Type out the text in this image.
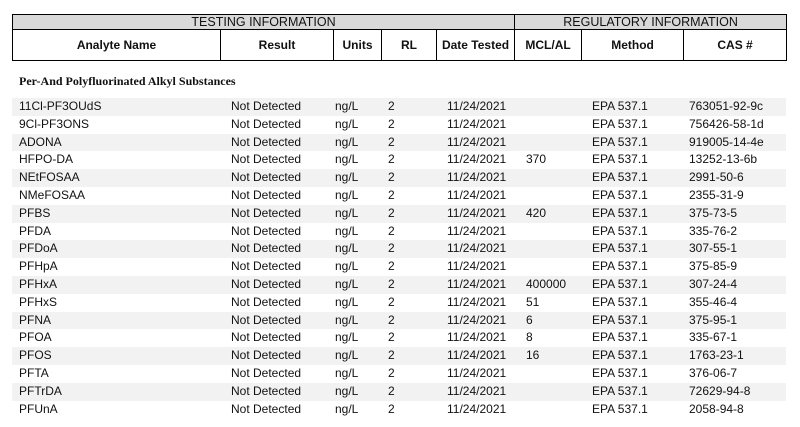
TESTING INFORMATION					REGULATORY INFORMATION		
Analyte Name	Result	Units	RL	Date Tested	MCL/AL	Method	CAS #
Per-And Polyfluorinated Alkyl Substances
11Cl-PF3OUdS	Not Detected	ng/L	2	11/24/2021		EPA 537.1	763051-92-9c
9Cl-PF3ONS	Not Detected	ng/L	2	11/24/2021		EPA 537.1	756426-58-1d
ADONA	Not Detected	ng/L	2	11/24/2021		EPA 537.1	919005-14-4e
HFPO-DA	Not Detected	ng/L	2	11/24/2021	370	EPA 537.1	13252-13-6b
NEtFOSAA	Not Detected	ng/L	2	11/24/2021		EPA 537.1	2991-50-6
NMeFOSAA	Not Detected	ng/L	2	11/24/2021		EPA 537.1	2355-31-9
PFBS	Not Detected	ng/L	2	11/24/2021	420	EPA 537.1	375-73-5
PFDA	Not Detected	ng/L	2	11/24/2021		EPA 537.1	335-76-2
PFDoA	Not Detected	ng/L	2	11/24/2021		EPA 537.1	307-55-1
PFHpA	Not Detected	ng/L	2	11/24/2021		EPA 537.1	375-85-9
PFHxA	Not Detected	ng/L	2	11/24/2021	400000	EPA 537.1	307-24-4
PFHxS	Not Detected	ng/L	2	11/24/2021	51	EPA 537.1	355-46-4
PFNA	Not Detected	ng/L	2	11/24/2021	6	EPA 537.1	375-95-1
PFOA	Not Detected	ng/L	2	11/24/2021	8	EPA 537.1	335-67-1
PFOS	Not Detected	ng/L	2	11/24/2021	16	EPA 537.1	1763-23-1
PFTA	Not Detected	ng/L	2	11/24/2021		EPA 537.1	376-06-7
PFTrDA	Not Detected	ng/L	2	11/24/2021		EPA 537.1	72629-94-8
PFUnA	Not Detected	ng/L	2	11/24/2021		EPA 537.1	2058-94-8
